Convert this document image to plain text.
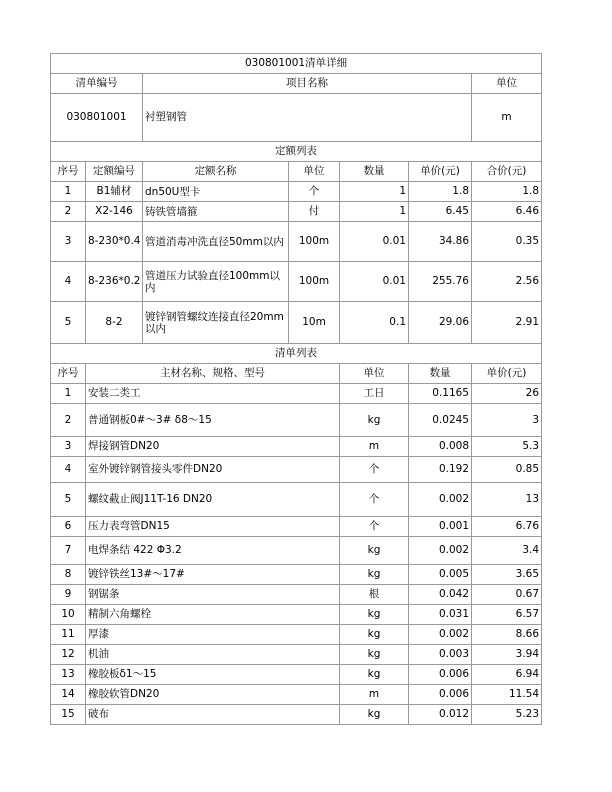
030801001清单详细							
清单编号		项目名称				单位	
030801001		衬塑钢管				m	
定额列表							
序号	定额编号	定额名称	单位	数量	单价(元)	合价(元)	
1	B1辅材	dn50U型卡	个	1	1.8	1.8	
2	X2-146	铸铁管墙箍	付	1	6.45	6.46	
3	8-230*0.4	管道消毒冲洗直径50mm以内	100m	0.01	34.86	0.35	
4	8-236*0.2	管道压力试验直径100mm以内	100m	0.01	255.76	2.56	
5	8-2	镀锌钢管螺纹连接直径20mm以内	10m	0.1	29.06	2.91	
清单列表							
序号	主材名称、规格、型号			单位	数量	单价(元)	
1	安装二类工			工日	0.1165	26	
2	普通钢板0#～3# δ8～15			kg	0.0245	3	
3	焊接钢管DN20			m	0.008	5.3	
4	室外镀锌钢管接头零件DN20			个	0.192	0.85	
5	螺纹截止阀J11T-16 DN20			个	0.002	13	
6	压力表弯管DN15			个	0.001	6.76	
7	电焊条结 422 Φ3.2			kg	0.002	3.4	
8	镀锌铁丝13#～17#			kg	0.005	3.65	
9	钢锯条			根	0.042	0.67	
10	精制六角螺栓			kg	0.031	6.57	
11	厚漆			kg	0.002	8.66	
12	机油			kg	0.003	3.94	
13	橡胶板δ1～15			kg	0.006	6.94	
14	橡胶软管DN20			m	0.006	11.54	
15	破布			kg	0.012	5.23	
